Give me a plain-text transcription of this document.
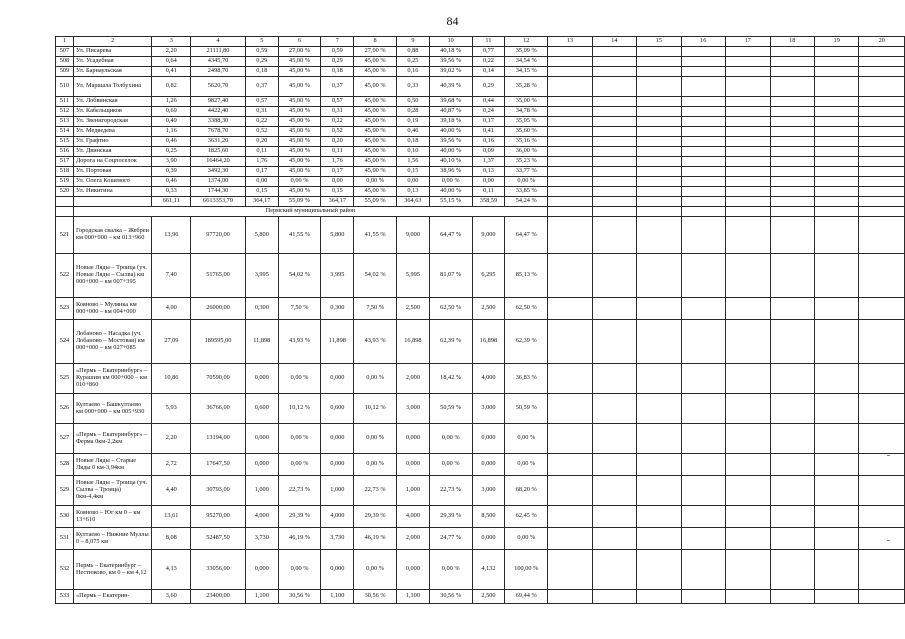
84
1	2	3	4	5	6	7	8	9	10	11	12	13	14	15	16	17	18	19	20
507	Ул. Писарева	2,20	21111,80	0,59	27,00 %	0,59	27,00 %	0,88	40,18 %	0,77	35,09 %								
508	Ул. Усадебная	0,64	4345,70	0,29	45,00 %	0,29	45,00 %	0,25	39,56 %	0,22	34,54 %								
509	Ул. Барнаульская	0,41	2498,70	0,18	45,00 %	0,18	45,00 %	0,16	39,02 %	0,14	34,15 %								
510	Ул. Маршала Толбухина	0,82	5620,70	0,37	45,00 %	0,37	45,00 %	0,33	40,39 %	0,29	35,28 %								
511	Ул. Лобвинская	1,26	9827,40	0,57	45,00 %	0,57	45,00 %	0,50	39,68 %	0,44	35,00 %								
512	Ул. Кабельщиков	0,69	4422,40	0,31	45,00 %	0,31	45,00 %	0,28	40,87 %	0,24	34,78 %								
513	Ул. Звенигородская	0,49	3388,30	0,22	45,00 %	0,22	45,00 %	0,19	39,18 %	0,17	35,05 %								
514	Ул. Медведева	1,16	7678,70	0,52	45,00 %	0,52	45,00 %	0,46	40,00 %	0,41	35,60 %								
515	Ул. Графтио	0,46	3631,20	0,20	45,00 %	0,20	45,00 %	0,18	39,56 %	0,16	35,16 %								
516	Ул. Двинская	0,25	1825,60	0,11	45,00 %	0,11	45,00 %	0,10	40,00 %	0,09	36,00 %								
517	Дорога на Соцпоселок	3,90	16464,20	1,76	45,00 %	1,76	45,00 %	1,56	40,10 %	1,37	35,23 %								
518	Ул. Портовая	0,39	3492,30	0,17	45,00 %	0,17	45,00 %	0,15	38,96 %	0,13	33,77 %								
519	Ул. Олега Кошевого	0,46	1374,00	0,00	0,00 %	0,00	0,00 %	0,00	0,00 %	0,00	0,00 %								
520	Ул. Никитина	0,33	1744,30	0,15	45,00 %	0,15	45,00 %	0,13	40,00 %	0,11	33,85 %								
		661,11	6613353,79	364,17	55,09 %	364,17	55,09 %	364,63	55,15 %	358,59	54,24 %								
	Пермский муниципальный район																		
521	Городская свалка – Жебреи км 000+000 – км 013+960	13,96	97720,00	5,800	41,55 %	5,800	41,55 %	9,000	64,47 %	9,000	64,47 %								
522	Новые Ляды – Троица (уч. Новые Ляды – Сылва) км 000+000 – км 007+395	7,40	51765,00	3,995	54,02 %	3,995	54,02 %	5,995	81,07 %	6,295	85,13 %								
523	Кояново – Мулянка км 000+000 – км 004+000	4,00	26000,00	0,300	7,50 %	0,300	7,50 %	2,500	62,50 %	2,500	62,50 %								
524	Лобаново – Насадка (уч. Лобаново – Мостовая) км 000+000 – км 027+085	27,09	189595,00	11,898	43,93 %	11,898	43,93 %	16,898	62,39 %	16,898	62,39 %								
525	«Пермь – Екатеринбург» – Курашим км 000+000 – км 010+860	10,86	70590,00	0,000	0,00 %	0,000	0,00 %	2,000	18,42 %	4,000	36,83 %								
526	Култаево – Башкултаево км 000+000 – км 005+930	5,93	36766,00	0,600	10,12 %	0,600	10,12 %	3,000	50,59 %	3,000	50,59 %								
527	«Пермь – Екатеринбург» – Ферма 0км-2,2км	2,20	13194,00	0,000	0,00 %	0,000	0,00 %	0,000	0,00 %	0,000	0,00 %								
528	Новые Ляды – Старые Ляды 0 км-3,94км	2,72	17647,50	0,000	0,00 %	0,000	0,00 %	0,000	0,00 %	0,000	0,00 %								
529	Новые Ляды – Троица (уч. Сылва – Троица) 0км-4,4км	4,40	30793,00	1,000	22,73 %	1,000	22,73 %	1,000	22,73 %	3,000	68,20 %								
530	Кояново – Юг км 0 – км 13+610	13,61	95270,00	4,000	29,39 %	4,000	29,39 %	4,000	29,39 %	8,500	62,45 %								
531	Култаево – Нижние Муллы 0 – 8,075 км	8,08	52487,50	3,730	46,19 %	3,730	46,19 %	2,000	24,77 %	0,000	0,00 %								
532	Пермь – Екатеринбург – Нестюково, км 0 – км 4,12	4,13	33056,00	0,000	0,00 %	0,000	0,00 %	0,000	0,00 %	4,132	100,00 %								
533	«Пермь – Екатерин-	3,60	23400,00	1,100	30,56 %	1,100	30,56 %	1,100	30,56 %	2,500	69,44 %								
